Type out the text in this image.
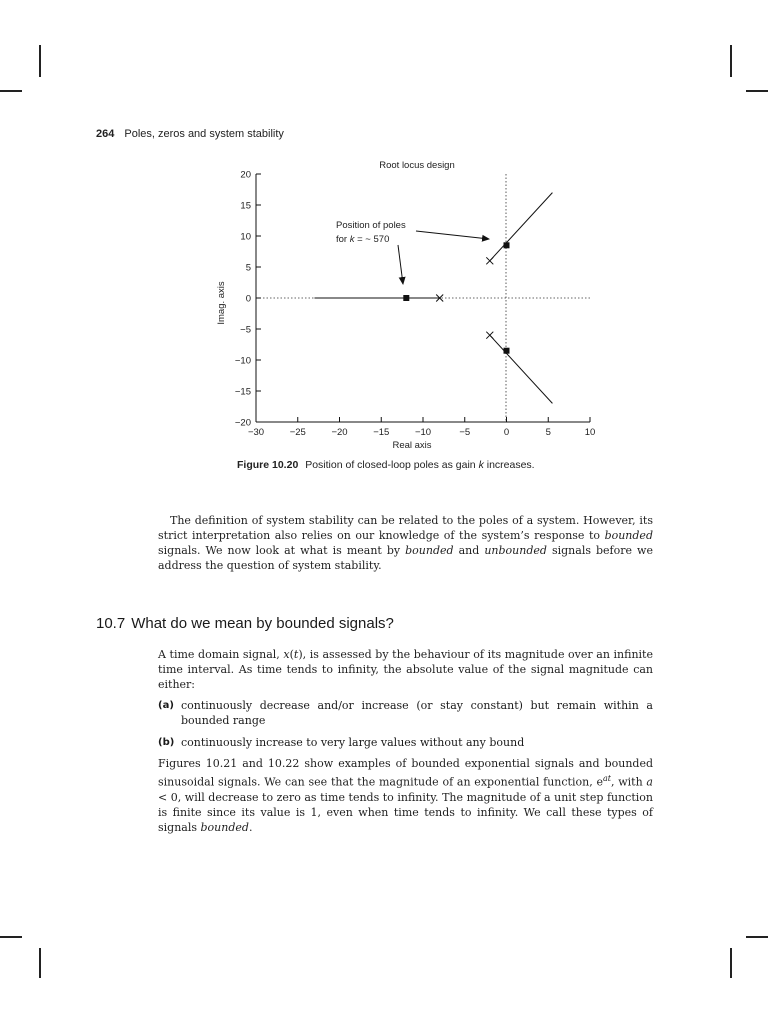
264 Poles, zeros and system stability
Root locus design
−30	−25	−20	−15	−10	−5	0	5	10
20
15
10
5
0
−5
−10
−15
−20
Real axis
Imag. axis
Position of poles
for k = ~ 570
Figure 10.20 Position of closed-loop poles as gain k increases.

The definition of system stability can be related to the poles of a system. However, its strict interpretation also relies on our knowledge of the system’s response to bounded signals. We now look at what is meant by bounded and unbounded signals before we address the question of system stability.

10.7 What do we mean by bounded signals?

A time domain signal, x(t), is assessed by the behaviour of its magnitude over an infinite time interval. As time tends to infinity, the absolute value of the signal magnitude can either:

(a) continuously decrease and/or increase (or stay constant) but remain within a bounded range
(b) continuously increase to very large values without any bound

Figures 10.21 and 10.22 show examples of bounded exponential signals and bounded sinusoidal signals. We can see that the magnitude of an exponential function, $e^{at}$, with a < 0, will decrease to zero as time tends to infinity. The magnitude of a unit step function is finite since its value is 1, even when time tends to infinity. We call these types of signals bounded.
